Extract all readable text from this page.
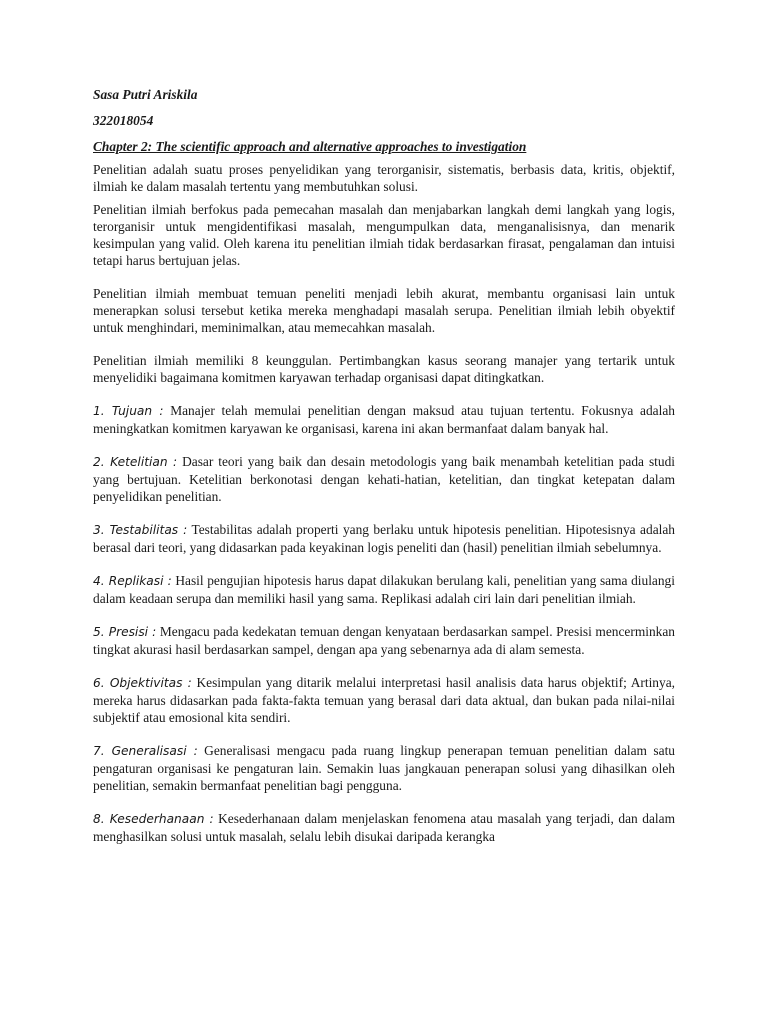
Sasa Putri Ariskila

322018054

Chapter 2: The scientific approach and alternative approaches to investigation

Penelitian adalah suatu proses penyelidikan yang terorganisir, sistematis, berbasis data, kritis, objektif, ilmiah ke dalam masalah tertentu yang membutuhkan solusi.

Penelitian ilmiah berfokus pada pemecahan masalah dan menjabarkan langkah demi langkah yang logis, terorganisir untuk mengidentifikasi masalah, mengumpulkan data, menganalisisnya, dan menarik kesimpulan yang valid. Oleh karena itu penelitian ilmiah tidak berdasarkan firasat, pengalaman dan intuisi tetapi harus bertujuan jelas.

Penelitian ilmiah membuat temuan peneliti menjadi lebih akurat, membantu organisasi lain untuk menerapkan solusi tersebut ketika mereka menghadapi masalah serupa. Penelitian ilmiah lebih obyektif untuk menghindari, meminimalkan, atau memecahkan masalah.

Penelitian ilmiah memiliki 8 keunggulan. Pertimbangkan kasus seorang manajer yang tertarik untuk menyelidiki bagaimana komitmen karyawan terhadap organisasi dapat ditingkatkan.

1. Tujuan : Manajer telah memulai penelitian dengan maksud atau tujuan tertentu. Fokusnya adalah meningkatkan komitmen karyawan ke organisasi, karena ini akan bermanfaat dalam banyak hal.

2. Ketelitian : Dasar teori yang baik dan desain metodologis yang baik menambah ketelitian pada studi yang bertujuan. Ketelitian berkonotasi dengan kehati-hatian, ketelitian, dan tingkat ketepatan dalam penyelidikan penelitian.

3. Testabilitas : Testabilitas adalah properti yang berlaku untuk hipotesis penelitian. Hipotesisnya adalah berasal dari teori, yang didasarkan pada keyakinan logis peneliti dan (hasil) penelitian ilmiah sebelumnya.

4. Replikasi : Hasil pengujian hipotesis harus dapat dilakukan berulang kali, penelitian yang sama diulangi dalam keadaan serupa dan memiliki hasil yang sama. Replikasi adalah ciri lain dari penelitian ilmiah.

5. Presisi : Mengacu pada kedekatan temuan dengan kenyataan berdasarkan sampel. Presisi mencerminkan tingkat akurasi hasil berdasarkan sampel, dengan apa yang sebenarnya ada di alam semesta.

6. Objektivitas : Kesimpulan yang ditarik melalui interpretasi hasil analisis data harus objektif; Artinya, mereka harus didasarkan pada fakta-fakta temuan yang berasal dari data aktual, dan bukan pada nilai-nilai subjektif atau emosional kita sendiri.

7. Generalisasi : Generalisasi mengacu pada ruang lingkup penerapan temuan penelitian dalam satu pengaturan organisasi ke pengaturan lain. Semakin luas jangkauan penerapan solusi yang dihasilkan oleh penelitian, semakin bermanfaat penelitian bagi pengguna.

8. Kesederhanaan : Kesederhanaan dalam menjelaskan fenomena atau masalah yang terjadi, dan dalam menghasilkan solusi untuk masalah, selalu lebih disukai daripada kerangka
